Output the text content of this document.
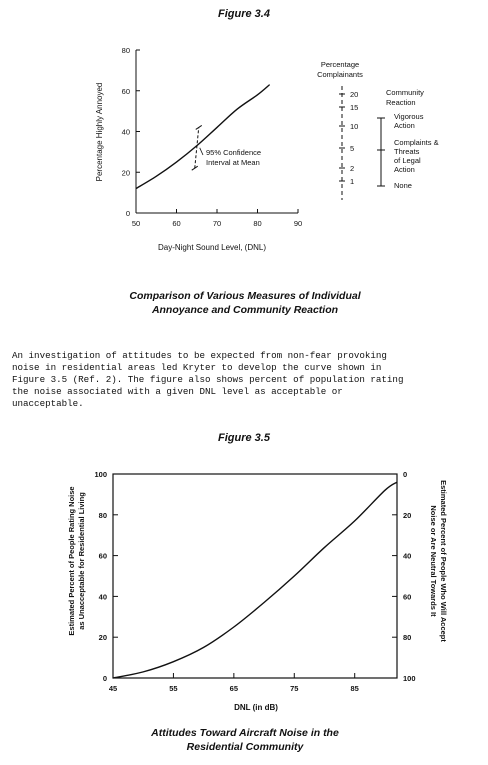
Figure 3.4
0
20
40
60
80
50	60	70	80	90
Percentage Highly Annoyed
Day-Night Sound Level, (DNL)
95% Confidence
Interval at Mean
Percentage
Complainants
Community
Reaction
20
15
10
5
2
1
Vigorous
Action
Complaints &
Threats
of Legal
Action
None
Comparison of Various Measures of Individual
Annoyance and Community Reaction
An investigation of attitudes to be expected from non-fear provoking
noise in residential areas led Kryter to develop the curve shown in
Figure 3.5 (Ref. 2). The figure also shows percent of population rating
the noise associated with a given DNL level as acceptable or
unacceptable.
Figure 3.5
0
20
40
60
80
100
100
80
60
40
20
0
45	55	65	75	85
Estimated Percent of People Rating Noise as Unacceptable for Residential Living	Estimated Percent of People Who Will Accept
Noise or Are Neutral Towards It
DNL (in dB)
Attitudes Toward Aircraft Noise in the
Residential Community
